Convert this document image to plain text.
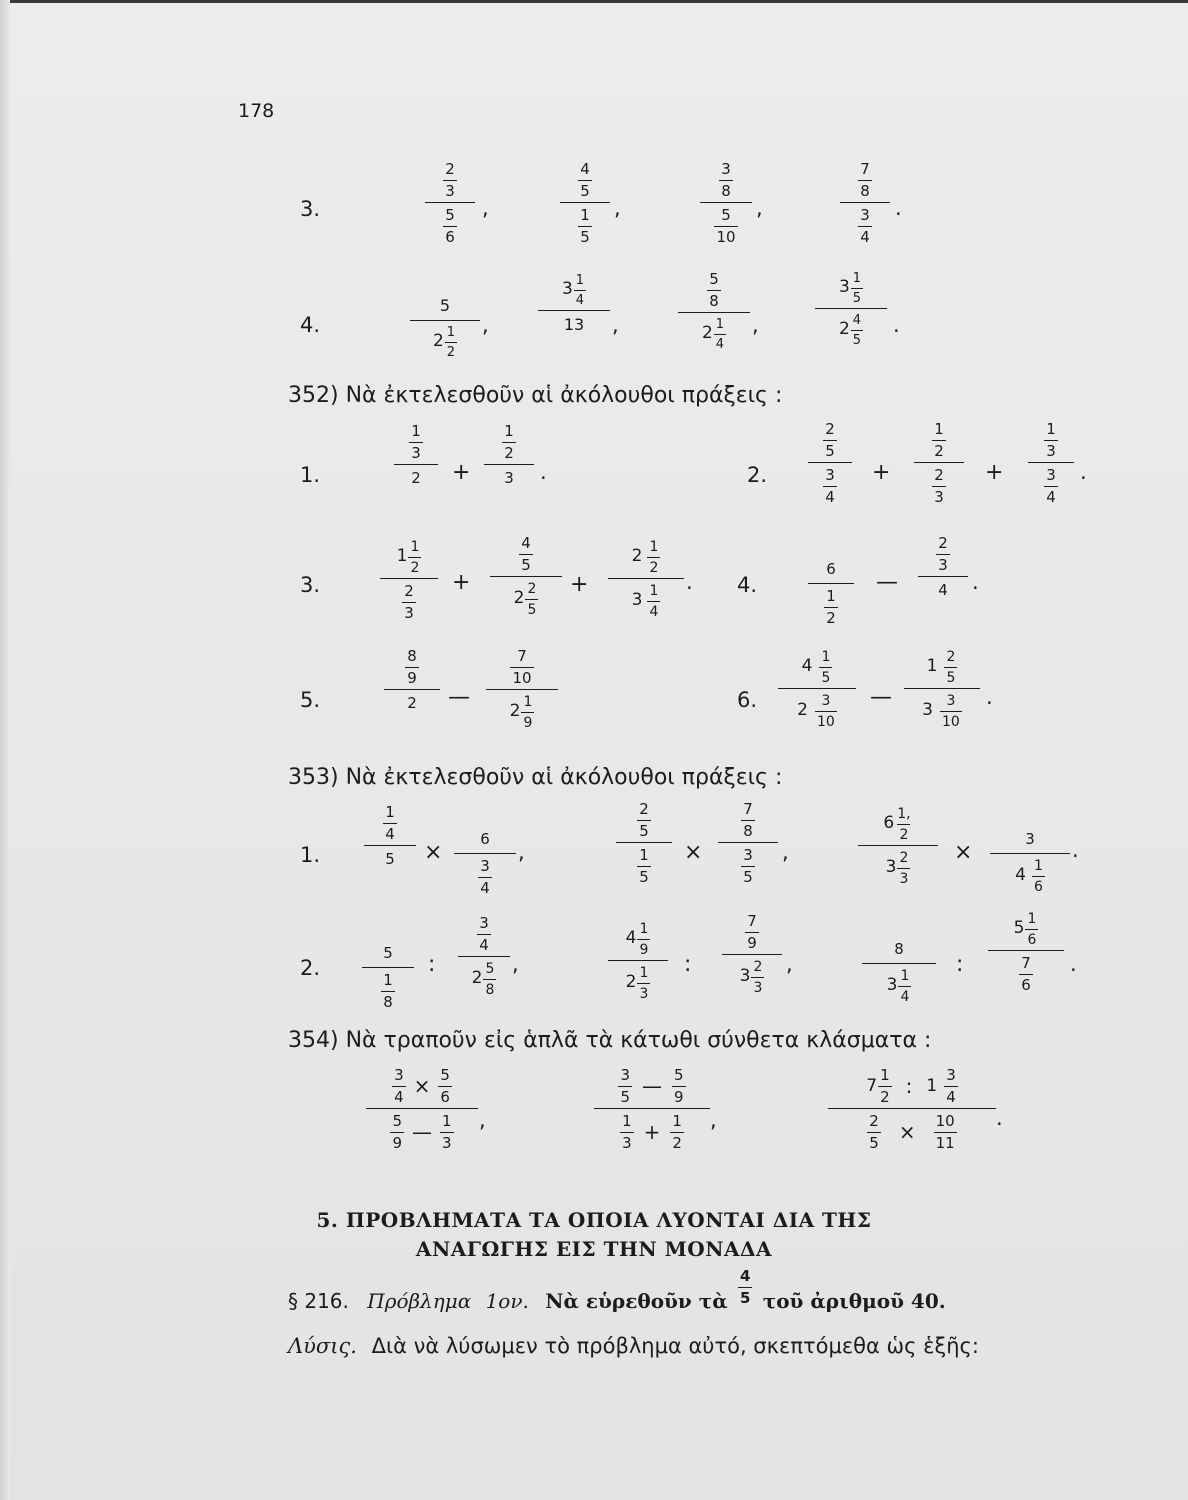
178
3.
$\frac{2}{3}$
$\frac{5}{6}$ ,
$\frac{4}{5}$
$\frac{1}{5}$ ,
$\frac{3}{8}$
$\frac{5}{10}$ ,
$\frac{7}{8}$
$\frac{3}{4}$ .
4.
5
$2 \frac{1}{2}$ ,
$3 \frac{1}{4}$
13 ,
$\frac{5}{8}$
$2 \frac{1}{4}$ ,
$3 \frac{1}{5}$
$2 \frac{4}{5}$ .
352) Νὰ ἐκτελεσθοῦν αἱ ἀκόλουθοι πράξεις :
1.
$\frac{1}{3}$
2 +
$\frac{1}{2}$
3 .	2.
$\frac{2}{5}$
$\frac{3}{4}$ +
$\frac{1}{2}$
$\frac{2}{3}$ +
$\frac{1}{3}$
$\frac{3}{4}$ .
3.
$1 \frac{1}{2}$
$\frac{2}{3}$ +
$\frac{4}{5}$
$2 \frac{2}{5}$ +
$2 \frac{1}{2}$
$3 \frac{1}{4}$ . 4.
6
$\frac{1}{2}$
—
$\frac{2}{3}$
4 .
5.
$\frac{8}{9}$
2 —
$\frac{7}{10}$
$2 \frac{1}{9}$	6.
$4 \frac{1}{5}$
$2 \frac{3}{10}$ —
$1 \frac{2}{5}$
$3 \frac{3}{10}$ .
353) Νὰ ἐκτελεσθοῦν αἱ ἀκόλουθοι πράξεις :
1.
$\frac{1}{4}$
5 ×
6
$\frac{3}{4}$
,
$\frac{2}{5}$
$\frac{1}{5}$ ×
$\frac{7}{8}$
$\frac{3}{5}$ ,
$6 \frac{1,}{2}$
$3 \frac{2}{3}$ ×
3
$4 \frac{1}{6}$
.
2.
5
$\frac{1}{8}$
:
$\frac{3}{4}$
$2 \frac{5}{8}$ ,
$4 \frac{1}{9}$
$2 \frac{1}{3}$ :
$\frac{7}{9}$
$3 \frac{2}{3}$ ,
8
$3 \frac{1}{4}$
:
$5 \frac{1}{6}$
$\frac{7}{6}$ .
354) Νὰ τραποῦν εἰς ἁπλᾶ τὰ κάτωθι σύνθετα κλάσματα :
$\frac{3}{4} \times \frac{5}{6}$
$\frac{5}{9}$ — $\frac{1}{3}$ ,
$\frac{3}{5}$ — $\frac{5}{9}$
$\frac{1}{3} + \frac{1}{2}$ ,
$7 \frac{1}{2}$ : $1 \frac{3}{4}$
$\frac{2}{5} \times \frac{10}{11}$ .
5. ΠΡΟΒΛΗΜΑΤΑ ΤΑ ΟΠΟΙΑ ΛΥΟΝΤΑΙ ΔΙΑ ΤΗΣ
ΑΝΑΓΩΓΗΣ ΕΙΣ ΤΗΝ ΜΟΝΑΔΑ
§ 216. Πρόβλημα 1ον. Νὰ εὑρεθοῦν τὰ $\frac{4}{5}$ τοῦ ἀριθμοῦ 40.
Λύσις. Διὰ νὰ λύσωμεν τὸ πρόβλημα αὐτό, σκεπτόμεθα ὡς ἑξῆς:
